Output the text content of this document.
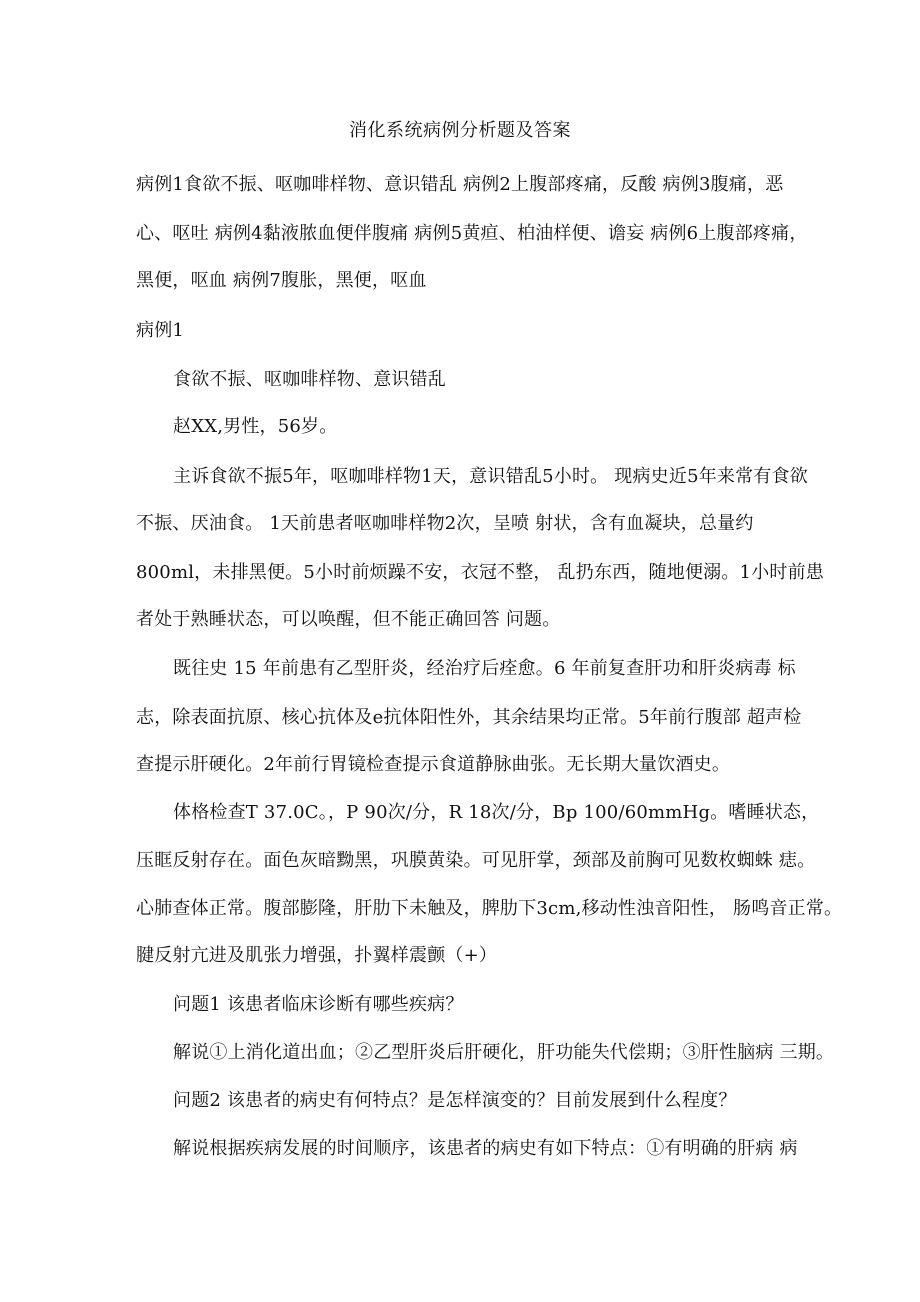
消化系统病例分析题及答案
病例1食欲不振、呕咖啡样物、意识错乱 病例2上腹部疼痛，反酸 病例3腹痛，恶
心、呕吐 病例4黏液脓血便伴腹痛 病例5黄疸、柏油样便、谵妄 病例6上腹部疼痛，
黑便，呕血 病例7腹胀，黑便，呕血
病例1
食欲不振、呕咖啡样物、意识错乱
赵XX,男性，56岁。
主诉食欲不振5年，呕咖啡样物1天，意识错乱5小时。 现病史近5年来常有食欲
不振、厌油食。 1天前患者呕咖啡样物2次，呈喷 射状，含有血凝块，总量约
800ml，未排黑便。5小时前烦躁不安，衣冠不整， 乱扔东西，随地便溺。1小时前患
者处于熟睡状态，可以唤醒，但不能正确回答 问题。
既往史 15 年前患有乙型肝炎，经治疗后痊愈。6 年前复查肝功和肝炎病毒 标
志，除表面抗原、核心抗体及e抗体阳性外，其余结果均正常。5年前行腹部 超声检
查提示肝硬化。2年前行胃镜检查提示食道静脉曲张。无长期大量饮酒史。
体格检查T 37.0C。，P 90次/分，R 18次/分，Bp 100/60mmHg。嗜睡状态，
压眶反射存在。面色灰暗黝黑，巩膜黄染。可见肝掌，颈部及前胸可见数枚蜘蛛 痣。
心肺查体正常。腹部膨隆，肝肋下未触及，脾肋下3cm,移动性浊音阳性， 肠鸣音正常。
腱反射亢进及肌张力增强，扑翼样震颤（+）
问题1 该患者临床诊断有哪些疾病？
解说①上消化道出血；②乙型肝炎后肝硬化，肝功能失代偿期；③肝性脑病 三期。
问题2 该患者的病史有何特点？是怎样演变的？目前发展到什么程度？
解说根据疾病发展的时间顺序，该患者的病史有如下特点：①有明确的肝病 病
